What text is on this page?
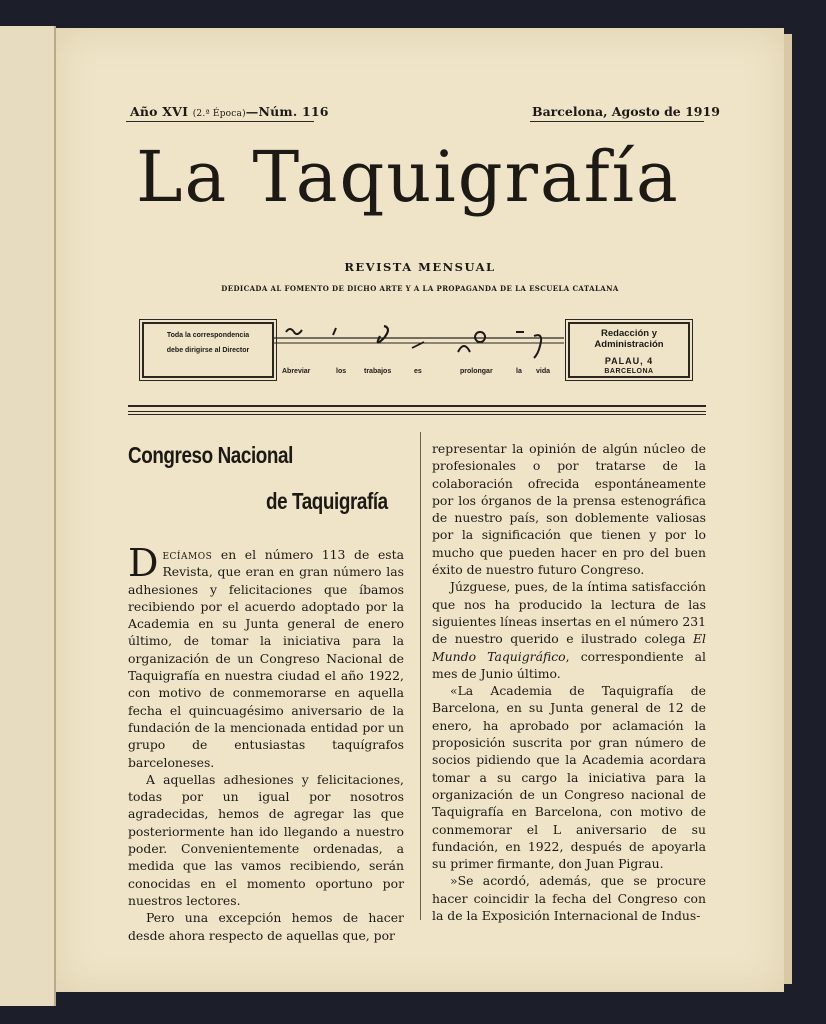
Año XVI (2.ª Época)—Núm. 116	Barcelona, Agosto de 1919
La Taquigrafía
REVISTA MENSUAL
DEDICADA AL FOMENTO DE DICHO ARTE Y A LA PROPAGANDA DE LA ESCUELA CATALANA
Toda la correspondencia
debe dirigirse al Director
Abreviar	los	trabajos	es	prolongar	la vida
Redacción y Administración
PALAU, 4
BARCELONA
Congreso Nacional
de Taquigrafía

Decíamos en el número 113 de esta Revista, que eran en gran número las adhesiones y felicitaciones que íbamos recibiendo por el acuerdo adoptado por la Academia en su Junta general de enero último, de tomar la iniciativa para la organización de un Congreso Nacional de Taquigrafía en nuestra ciudad el año 1922, con motivo de conmemorarse en aquella fecha el quincuagésimo aniversario de la fundación de la mencionada entidad por un grupo de entusiastas taquígrafos barceloneses.

A aquellas adhesiones y felicitaciones, todas por un igual por nosotros agradecidas, hemos de agregar las que posteriormente han ido llegando a nuestro poder. Convenientemente ordenadas, a medida que las vamos recibiendo, serán conocidas en el momento oportuno por nuestros lectores.

Pero una excepción hemos de hacer desde ahora respecto de aquellas que, por

representar la opinión de algún núcleo de profesionales o por tratarse de la colaboración ofrecida espontáneamente por los órganos de la prensa estenográfica de nuestro país, son doblemente valiosas por la significación que tienen y por lo mucho que pueden hacer en pro del buen éxito de nuestro futuro Congreso.

Júzguese, pues, de la íntima satisfacción que nos ha producido la lectura de las siguientes líneas insertas en el número 231 de nuestro querido e ilustrado colega El Mundo Taquigráfico, correspondiente al mes de Junio último.

«La Academia de Taquigrafía de Barcelona, en su Junta general de 12 de enero, ha aprobado por aclamación la proposición suscrita por gran número de socios pidiendo que la Academia acordara tomar a su cargo la iniciativa para la organización de un Congreso nacional de Taquigrafía en Barcelona, con motivo de conmemorar el L aniversario de su fundación, en 1922, después de apoyarla su primer firmante, don Juan Pigrau.

»Se acordó, además, que se procure hacer coincidir la fecha del Congreso con la de la Exposición Internacional de Indus-
